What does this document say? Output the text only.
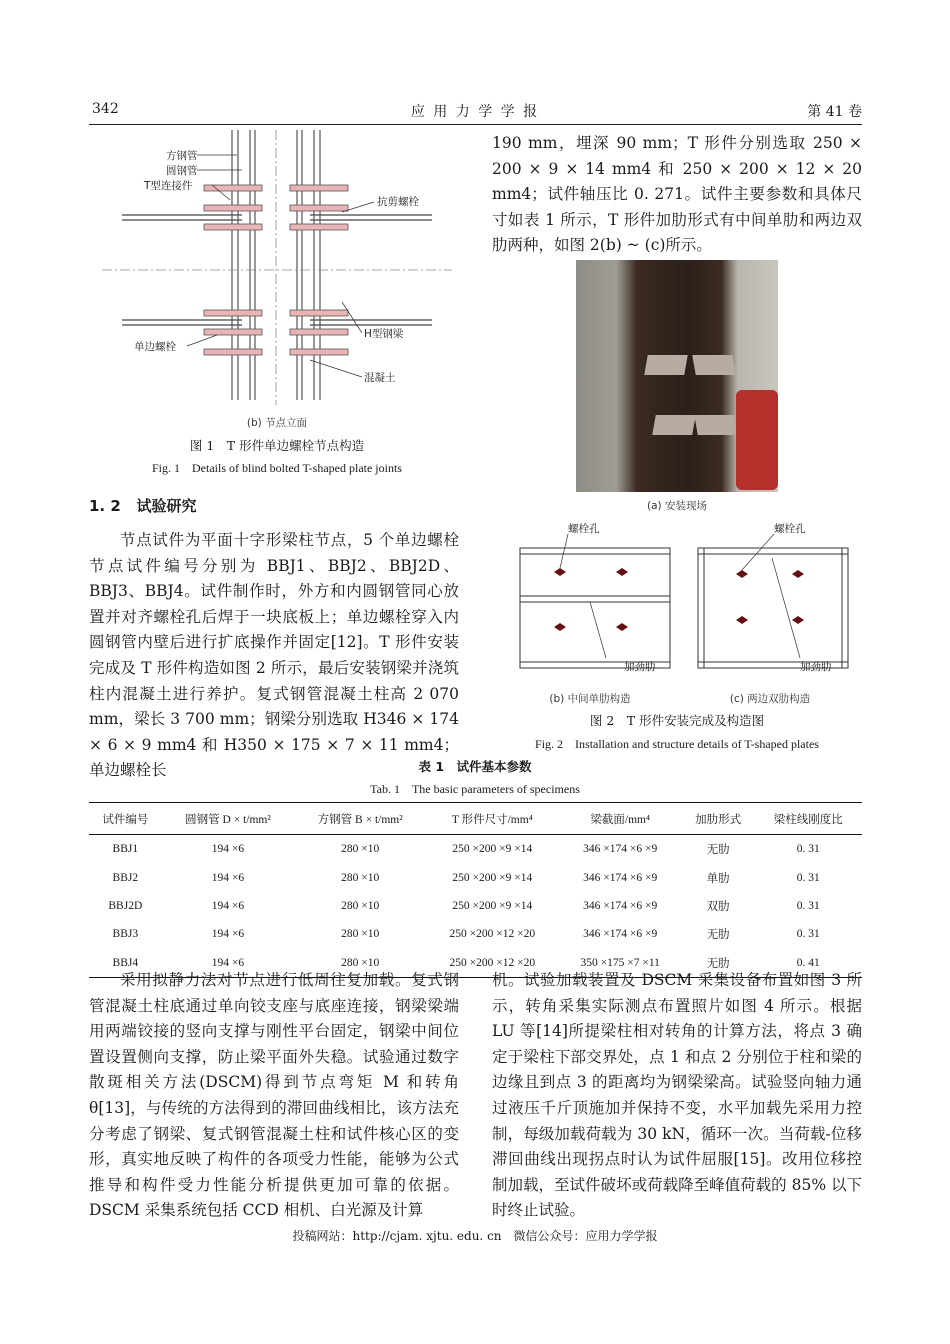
342	应 用 力 学 学 报	第 41 卷
方钢管
圆钢管
T型连接件
抗剪螺栓
单边螺栓
H型钢梁
混凝土
(b) 节点立面
图 1　T 形件单边螺栓节点构造
Fig. 1　Details of blind bolted T-shaped plate joints
1. 2 试验研究

节点试件为平面十字形梁柱节点，5 个单边螺栓节点试件编号分别为 BBJ1、BBJ2、BBJ2D、BBJ3、BBJ4。试件制作时，外方和内圆钢管同心放置并对齐螺栓孔后焊于一块底板上；单边螺栓穿入内圆钢管内壁后进行扩底操作并固定[12]。T 形件安装完成及 T 形件构造如图 2 所示，最后安装钢梁并浇筑柱内混凝土进行养护。复式钢管混凝土柱高 2 070 mm，梁长 3 700 mm；钢梁分别选取 H346 × 174 × 6 × 9 mm4 和 H350 × 175 × 7 × 11 mm4；单边螺栓长

190 mm，埋深 90 mm；T 形件分别选取 250 × 200 × 9 × 14 mm4 和 250 × 200 × 12 × 20 mm4；试件轴压比 0. 271。试件主要参数和具体尺寸如表 1 所示，T 形件加肋形式有中间单肋和两边双肋两种，如图 2(b) ~ (c)所示。

(a) 安装现场
螺栓孔	螺栓孔
加劲肋	加劲肋
(b) 中间单肋构造	(c) 两边双肋构造
图 2　T 形件安装完成及构造图
Fig. 2　Installation and structure details of T-shaped plates
表 1　试件基本参数
Tab. 1　The basic parameters of specimens
试件编号	圆钢管 D × t/mm²	方钢管 B × t/mm²	T 形件尺寸/mm⁴	梁截面/mm⁴	加肋形式	梁柱线刚度比
BBJ1	194 ×6	280 ×10	250 ×200 ×9 ×14	346 ×174 ×6 ×9	无肋	0. 31
BBJ2	194 ×6	280 ×10	250 ×200 ×9 ×14	346 ×174 ×6 ×9	单肋	0. 31
BBJ2D	194 ×6	280 ×10	250 ×200 ×9 ×14	346 ×174 ×6 ×9	双肋	0. 31
BBJ3	194 ×6	280 ×10	250 ×200 ×12 ×20	346 ×174 ×6 ×9	无肋	0. 31
BBJ4	194 ×6	280 ×10	250 ×200 ×12 ×20	350 ×175 ×7 ×11	无肋	0. 41

采用拟静力法对节点进行低周往复加载。复式钢管混凝土柱底通过单向铰支座与底座连接，钢梁梁端用两端铰接的竖向支撑与刚性平台固定，钢梁中间位置设置侧向支撑，防止梁平面外失稳。试验通过数字散斑相关方法(DSCM)得到节点弯矩 M 和转角 θ[13]，与传统的方法得到的滞回曲线相比，该方法充分考虑了钢梁、复式钢管混凝土柱和试件核心区的变形，真实地反映了构件的各项受力性能，能够为公式推导和构件受力性能分析提供更加可靠的依据。DSCM 采集系统包括 CCD 相机、白光源及计算

机。试验加载装置及 DSCM 采集设备布置如图 3 所示，转角采集实际测点布置照片如图 4 所示。根据 LU 等[14]所提梁柱相对转角的计算方法，将点 3 确定于梁柱下部交界处，点 1 和点 2 分别位于柱和梁的边缘且到点 3 的距离均为钢梁梁高。试验竖向轴力通过液压千斤顶施加并保持不变，水平加载先采用力控制，每级加载荷载为 30 kN，循环一次。当荷载-位移滞回曲线出现拐点时认为试件屈服[15]。改用位移控制加载，至试件破坏或荷载降至峰值荷载的 85% 以下时终止试验。

投稿网站：http://cjam. xjtu. edu. cn　微信公众号：应用力学学报
